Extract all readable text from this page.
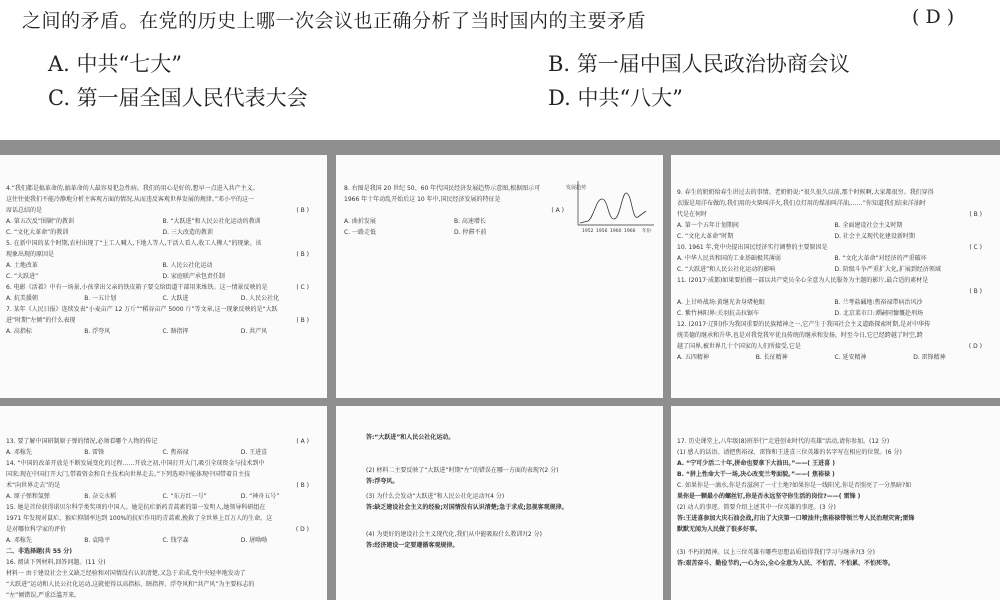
之间的矛盾。在党的历史上哪一次会议也正确分析了当时国内的主要矛盾	( D )
A. 中共“七大”	B. 第一届中国人民政治协商会议
C. 第一届全国人民代表大会	D. 中共“八大”
4.“我们都是搞革命的,搞革命的人最容易犯急性病。我们的用心是好的,想早一点进入共产主义。
这往往使我们不能冷静地分析主客观方面的情况,从而违反客观世界发展的规律。”邓小平的这一
席话总结的是	( B )
A. 第五次反“围剿”的教训	B. “大跃进”和人民公社化运动的教训
C. “文化大革命”的教训	D. 三大改造的教训
5. 在新中国的某个时期,农村出现了“上工人喊人,下地人等人,干活人看人,收工人撵人”的现象。该
现象出现的原因是	( B )
A. 土地改革	B. 人民公社化运动
C. “大跃进”	D. 家庭联产承包责任制
6. 电影《活着》中有一场景,小孩拿出父亲的铁皮箱子要交给街道干部用来炼铁。这一情景反映的是	( C )
A. 抗美援朝	B. 一五计划	C. 大跃进	D. 人民公社化
7. 某年《人民日报》连续发表“小麦亩产 12 万斤”“稻谷亩产 5000 斤”等文章,这一现象反映的是“大跃
进”时期“左倾”的什么表现	( B )
A. 高指标	B. 浮夸风	C. 瞎指挥	D. 共产风
8. 右图是我国 20 世纪 50、60 年代国民经济发展趋势示意图,根据图示可
1966 年十年动乱开始后这 10 年中,国民经济发展的特征是
( A )

A. 曲折发展	B. 高速增长
C. 一路走低	D. 停滞不前
发展趋势
1952 1956 1960 1966 年份
9. 春生的奶奶给春生讲过去的事情。老奶奶说:“很久很久以前,那个时候啊,大家都很穷。我们穿得
衣服是用洋布做的,我们用的火柴叫洋火,我们点灯用的煤油叫洋油,……”你知道我们结束洋油时
代是在何时	( B )
A. 第一个五年计划期间	B. 全面建设社会主义时期
C. “文化大革命”时期	D. 社会主义现代化建设新时期
10. 1961 年,党中央提出国民经济实行调整的主要原因是	( C )
A. 中华人民共和国的工业基础极其薄弱	B. “文化大革命”对经济的严重破坏
C. “大跃进”和人民公社化运动的影响	D. 阶级斗争严重扩大化,扩展到经济领域
11. (2017·成都)如果要拍摄一部以共产党员全心全意为人民服务为主题的影片,最合适的素材是
( B )

A. 上甘岭战场:黄继光舍身堵枪眼	B. 兰考盐碱地:焦裕禄带病治风沙
C. 紫竹林阳界:关羽抗击拉锯车	D. 北京菜市口:谭嗣同慷慨赴刑场
12. (2017·辽阳)作为我国重要的民族精神之一,它产生于我国社会主义道路探索时期,是对中华传
统美德的继承和升华,也是对我党我军优良传统的继承和发扬。时至今日,它已经跨越了时空,跨
越了国界,被世界几十个国家的人们所接受,它是	( D )
A. 五四精神	B. 长征精神	C. 延安精神	D. 雷锋精神
13. 要了解中国研制原子弹的情况,必须看哪个人物的传记	( A )
A. 邓稼先	B. 雷锋	C. 焦裕禄	D. 王进喜
14. “中国的改革开放是不断发展变化的过程……开放之初,中国打开大门,吸引全球资金与技术到中
国来;现在中国打开大门,带着资金和自主技术向世界走去。”下列选项中能体现中国带着自主技
术“向世界走去”的是	( B )
A. 原子弹和氢弹	B. 杂交水稻	C. “东方红一号”	D. “神舟五号”
15. 她是首位获得诺贝尔科学类奖项的中国人。她是抗疟新药青蒿素的第一发明人,她领导科研组在
1971 年发现对鼠疟、猴疟抑制率达到 100%的抗疟作用的青蒿素,挽救了全世界上百万人的生命。这
是对哪位科学家的评价	( D )
A. 邓稼先	B. 袁隆平	C. 钱学森	D. 屠呦呦
二、非选择题(共 55 分)
16. 阅读下列材料,回答问题。(11 分)
材料一 由于建设社会主义缺乏经验和对国情没有认识清楚,又急于求成,党中央轻率地发动了
“大跃进”运动和人民公社化运动,这就使得以高指标、瞎指挥、浮夸风和“共产风”为主要标志的
“左”倾错误,严重泛滥开来。
答:“大跃进”和人民公社化运动。
(2) 材料二主要反映了“大跃进”时期“左”的错误在哪一方面的表现?(2 分)
答:浮夸风。
(3) 为什么会发动“大跃进”和人民公社化运动?(4 分)
答:缺乏建设社会主义的经验;对国情没有认识清楚;急于求成;忽视客观规律。
(4) 为更好的建设社会主义现代化,我们从中能吸取什么教训?(2 分)
答:经济建设一定要遵循客观规律。
17. 历史课堂上,八年级(8)班举行“走进创业时代的英雄”活动,请你参加。(12 分)
(1) 感人的话语。请把焦裕禄、雷锋和王进喜三位英雄的名字写在相应的位置。(6 分)
A. “宁可少活二十年,拼命也要拿下大油田。”——( 王进喜 )
B. “拼上性命大干一场,决心改变兰考面貌。”——( 焦裕禄 )
C. 如果你是一滴水,你是否滋润了一寸土地?如果你是一线阳光,你是否照亮了一分黑暗?如
果你是一颗最小的螺丝钉,你是否永远坚守你生活的岗位?——( 雷锋 )
(2) 动人的事迹。简要介绍上述其中一位英雄的事迹。(3 分)
答:王进喜参加大庆石油会战,打出了大庆第一口喷油井;焦裕禄带领兰考人民治理灾害;雷锋
默默无闻为人民做了很多好事。
(3) 不朽的精神。以上三位英雄有哪些思想品质值得我们学习与继承?(3 分)
答:艰苦奋斗、勤俭节约,一心为公,全心全意为人民、不怕苦、不怕累、不怕死等。
